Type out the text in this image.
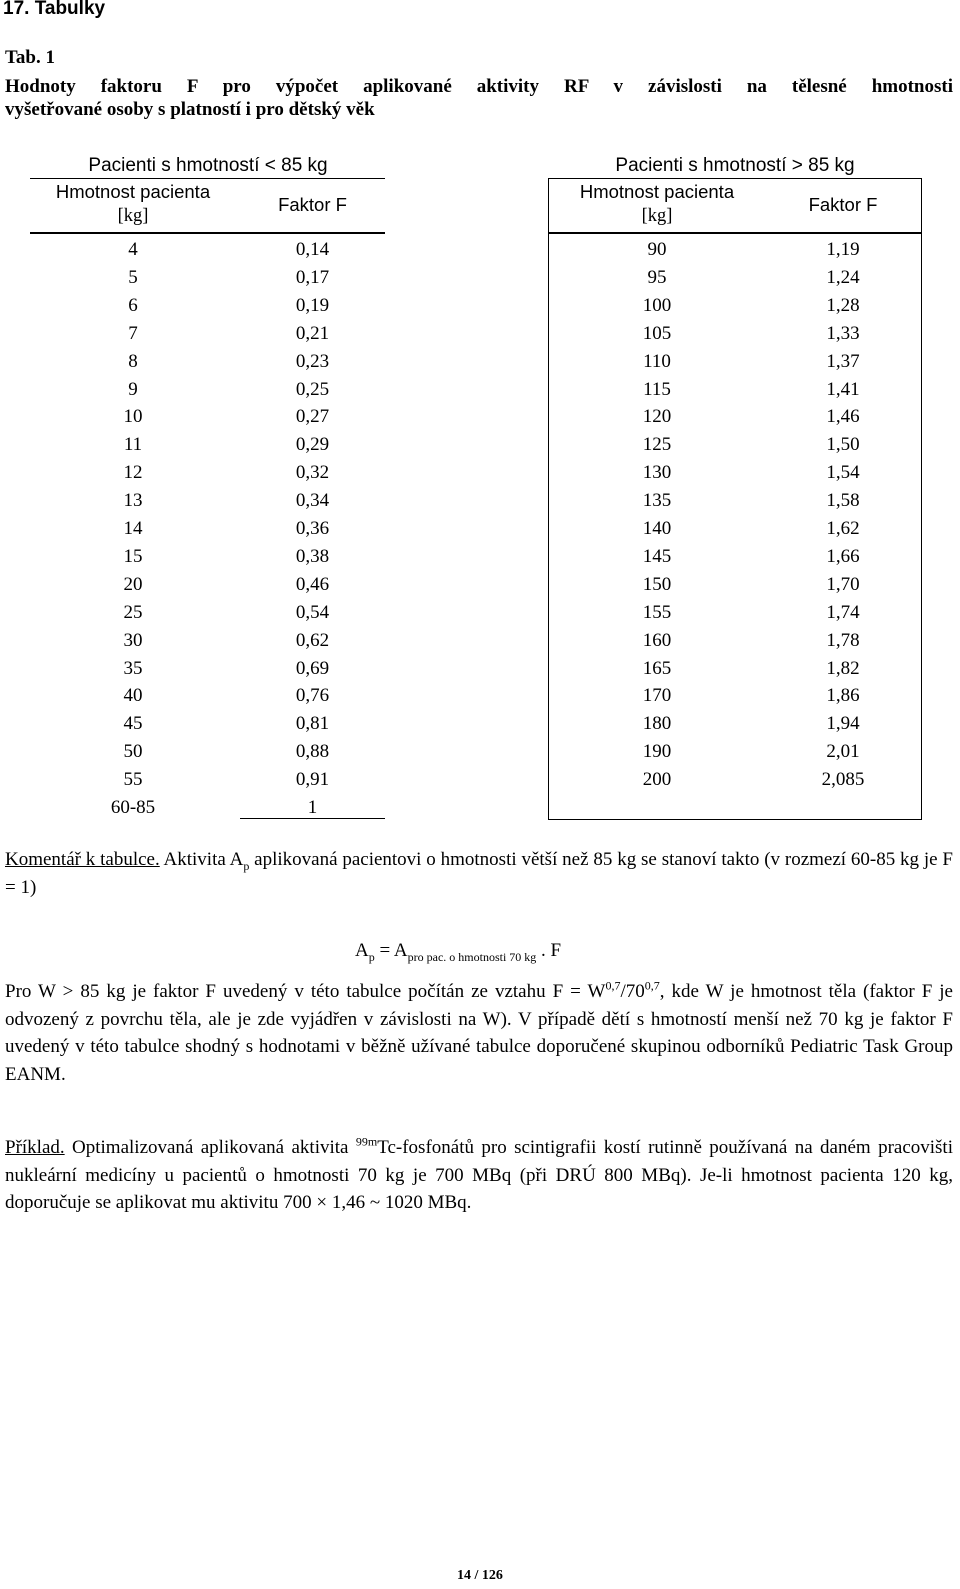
17. Tabulky
Tab. 1
Hodnoty faktoru F pro výpočet aplikované aktivity RF v závislosti na tělesné hmotnosti
vyšetřované osoby s platností i pro dětský věk
Pacienti s hmotností < 85 kg
Hmotnost pacienta
[kg]
Faktor F
4	0,14
5	0,17
6	0,19
7	0,21
8	0,23
9	0,25
10	0,27
11	0,29
12	0,32
13	0,34
14	0,36
15	0,38
20	0,46
25	0,54
30	0,62
35	0,69
40	0,76
45	0,81
50	0,88
55	0,91
60-85	1
Pacienti s hmotností > 85 kg
Hmotnost pacienta
[kg]
Faktor F
90	1,19
95	1,24
100	1,28
105	1,33
110	1,37
115	1,41
120	1,46
125	1,50
130	1,54
135	1,58
140	1,62
145	1,66
150	1,70
155	1,74
160	1,78
165	1,82
170	1,86
180	1,94
190	2,01
200	2,085
Komentář k tabulce. Aktivita $A_p$ aplikovaná pacientovi o hmotnosti větší než 85 kg se stanoví takto (v rozmezí 60-85 kg je F = 1)
$A_p = A_{pro pac. o hmotnosti 70 kg}$ . F
Pro W > 85 kg je faktor F uvedený v této tabulce počítán ze vztahu $F = W^{0,7}/70^{0,7}$, kde W je hmotnost těla (faktor F je odvozený z povrchu těla, ale je zde vyjádřen v závislosti na W). V případě dětí s hmotností menší než 70 kg je faktor F uvedený v této tabulce shodný s hodnotami v běžně užívané tabulce doporučené skupinou odborníků Pediatric Task Group EANM.
Příklad. Optimalizovaná aplikovaná aktivita $^{99m}$Tc-fosfonátů pro scintigrafii kostí rutinně používaná na daném pracovišti nukleární medicíny u pacientů o hmotnosti 70 kg je 700 MBq (při DRÚ 800 MBq). Je-li hmotnost pacienta 120 kg, doporučuje se aplikovat mu aktivitu 700 × 1,46 ~ 1020 MBq.
14 / 126
